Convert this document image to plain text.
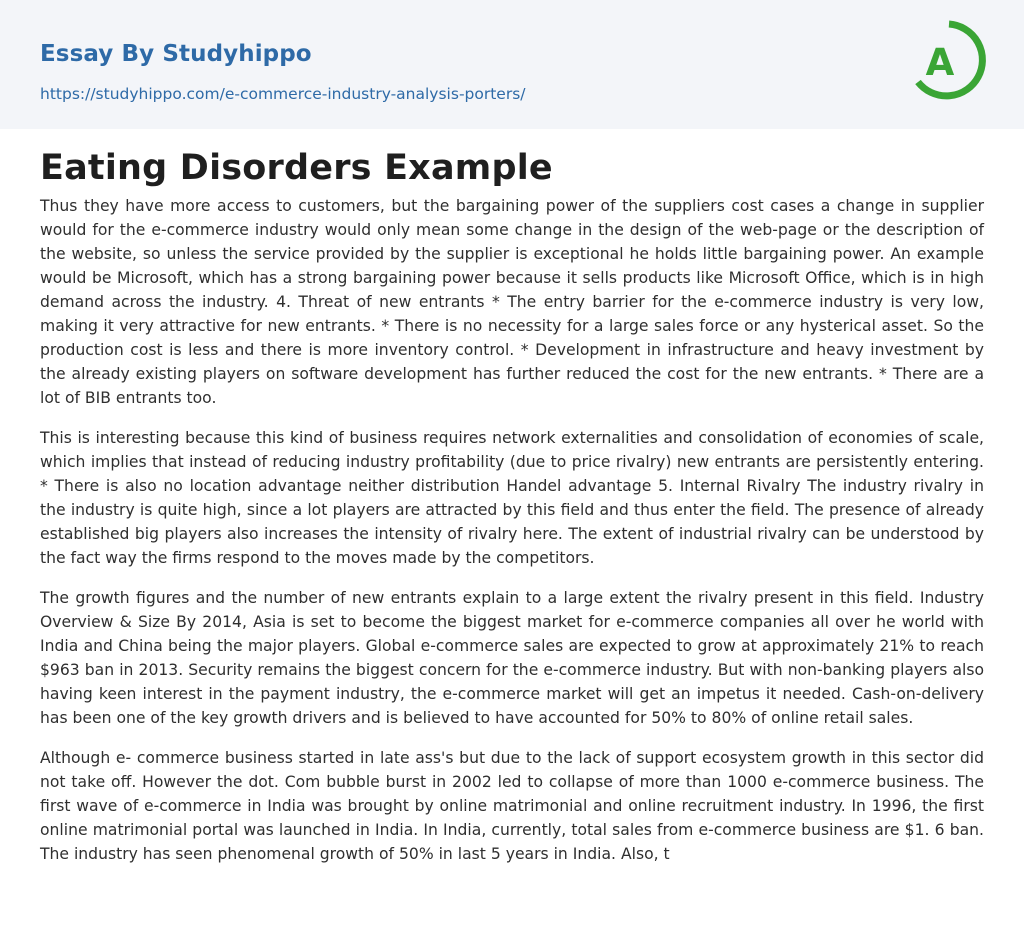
Essay By Studyhippo
https://studyhippo.com/e-commerce-industry-analysis-porters/
A
Eating Disorders Example

Thus they have more access to customers, but the bargaining power of the suppliers cost cases a change in supplier would for the e-commerce industry would only mean some change in the design of the web-page or the description of the website, so unless the service provided by the supplier is exceptional he holds little bargaining power. An example would be Microsoft, which has a strong bargaining power because it sells products like Microsoft Office, which is in high demand across the industry. 4. Threat of new entrants * The entry barrier for the e-commerce industry is very low, making it very attractive for new entrants. * There is no necessity for a large sales force or any hysterical asset. So the production cost is less and there is more inventory control. * Development in infrastructure and heavy investment by the already existing players on software development has further reduced the cost for the new entrants. * There are a lot of BIB entrants too.

This is interesting because this kind of business requires network externalities and consolidation of economies of scale, which implies that instead of reducing industry profitability (due to price rivalry) new entrants are persistently entering. * There is also no location advantage neither distribution Handel advantage 5. Internal Rivalry The industry rivalry in the industry is quite high, since a lot players are attracted by this field and thus enter the field. The presence of already established big players also increases the intensity of rivalry here. The extent of industrial rivalry can be understood by the fact way the firms respond to the moves made by the competitors.

The growth figures and the number of new entrants explain to a large extent the rivalry present in this field. Industry Overview & Size By 2014, Asia is set to become the biggest market for e-commerce companies all over he world with India and China being the major players. Global e-commerce sales are expected to grow at approximately 21% to reach $963 ban in 2013. Security remains the biggest concern for the e-commerce industry. But with non-banking players also having keen interest in the payment industry, the e-commerce market will get an impetus it needed. Cash-on-delivery has been one of the key growth drivers and is believed to have accounted for 50% to 80% of online retail sales.

Although e- commerce business started in late ass's but due to the lack of support ecosystem growth in this sector did not take off. However the dot. Com bubble burst in 2002 led to collapse of more than 1000 e-commerce business. The first wave of e-commerce in India was brought by online matrimonial and online recruitment industry. In 1996, the first online matrimonial portal was launched in India. In India, currently, total sales from e-commerce business are $1. 6 ban. The industry has seen phenomenal growth of 50% in last 5 years in India. Also, t
